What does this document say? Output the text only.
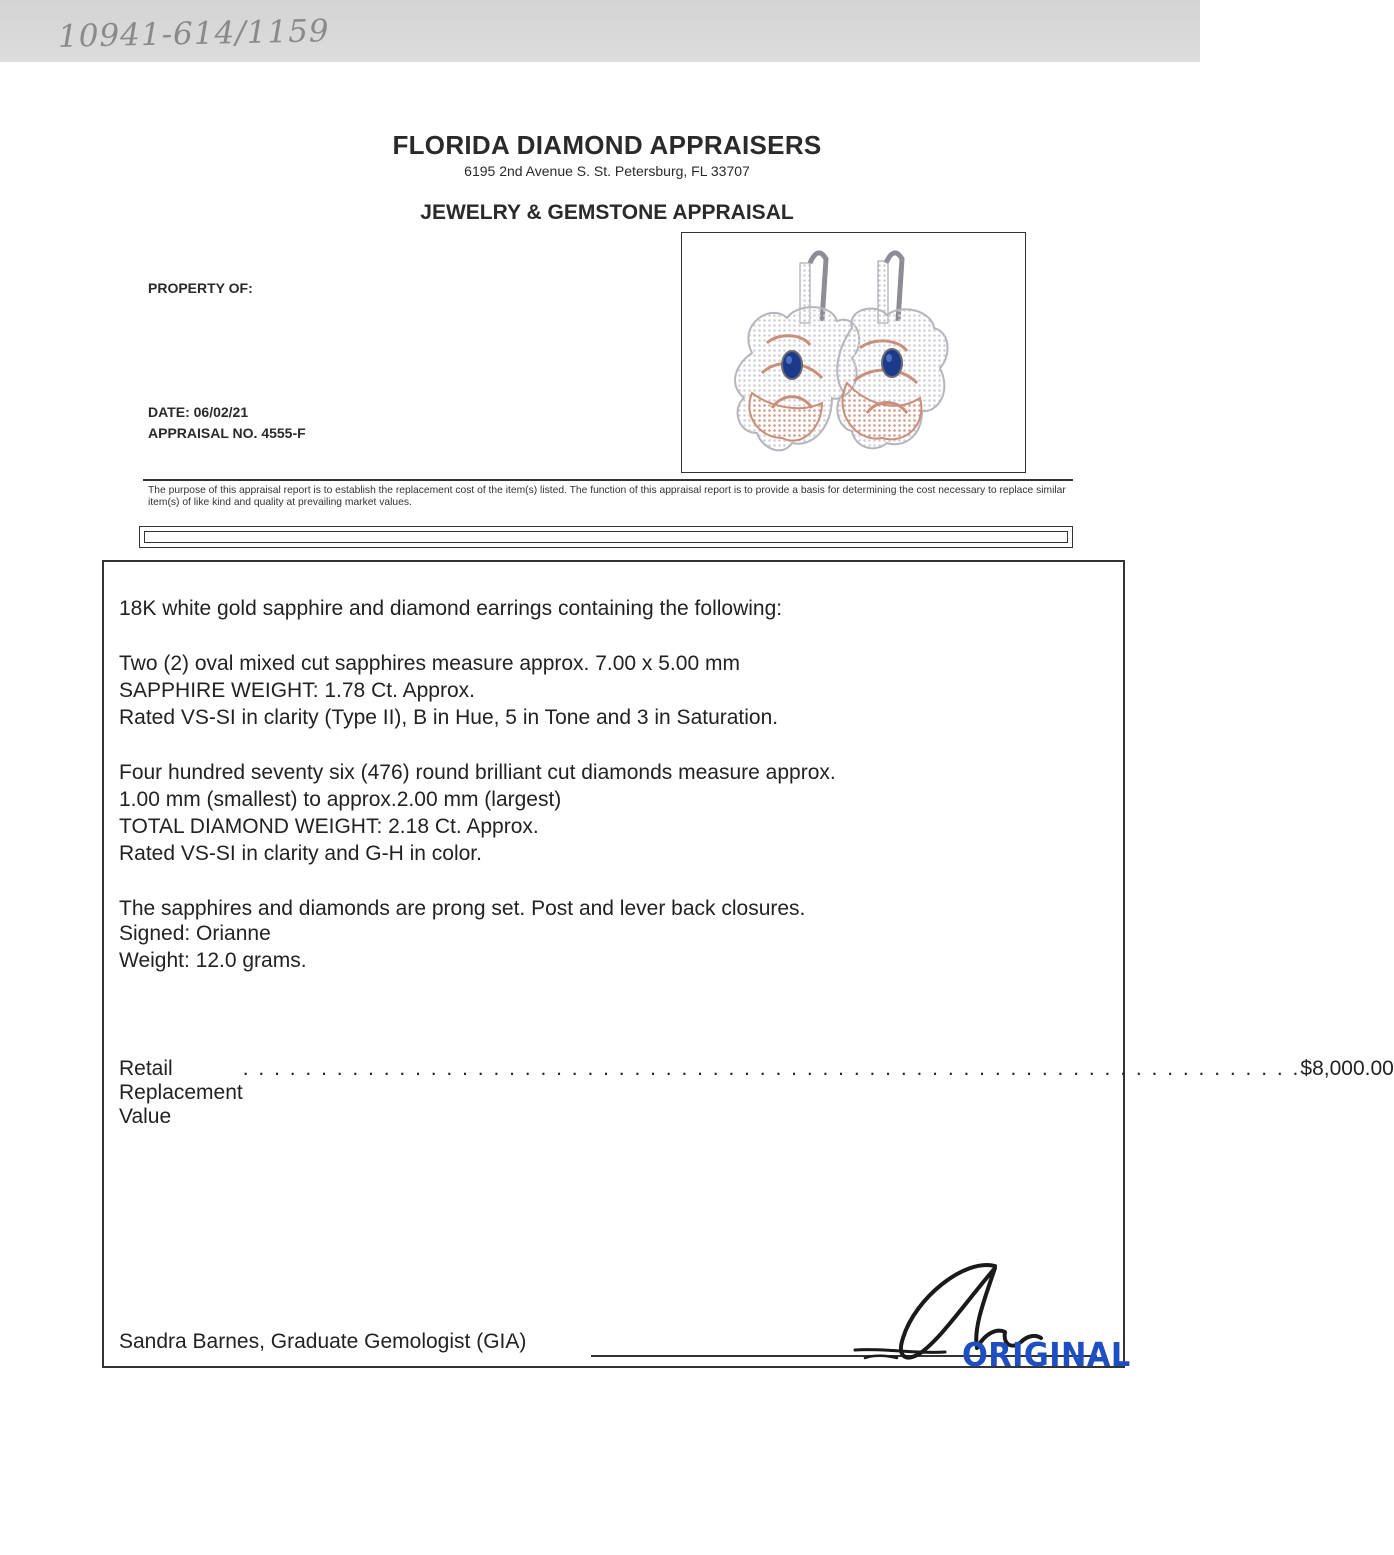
10941-614/1159
FLORIDA DIAMOND APPRAISERS
6195 2nd Avenue S. St. Petersburg, FL 33707
JEWELRY & GEMSTONE APPRAISAL
PROPERTY OF:
DATE: 06/02/21
APPRAISAL NO. 4555-F
The purpose of this appraisal report is to establish the replacement cost of the item(s) listed. The function of this appraisal report is to provide a basis for determining the cost necessary to replace similar item(s) of like kind and quality at prevailing market values.
18K white gold sapphire and diamond earrings containing the following:
Two (2) oval mixed cut sapphires measure approx. 7.00 x 5.00 mm
SAPPHIRE WEIGHT: 1.78 Ct. Approx.
Rated VS-SI in clarity (Type II), B in Hue, 5 in Tone and 3 in Saturation.
Four hundred seventy six (476) round brilliant cut diamonds measure approx.
1.00 mm (smallest) to approx.2.00 mm (largest)
TOTAL DIAMOND WEIGHT: 2.18 Ct. Approx.
Rated VS-SI in clarity and G-H in color.
The sapphires and diamonds are prong set. Post and lever back closures.
Signed: Orianne
Weight: 12.0 grams.
Retail Replacement Value
. . . . . . . . . . . . . . . . . . . . . . . . . . . . . . . . . . . . . . . . . . . . . . . . . . . . . . . . . . . . . . . . . . . . $8,000.00
Sandra Barnes, Graduate Gemologist (GIA)	ORIGINAL
